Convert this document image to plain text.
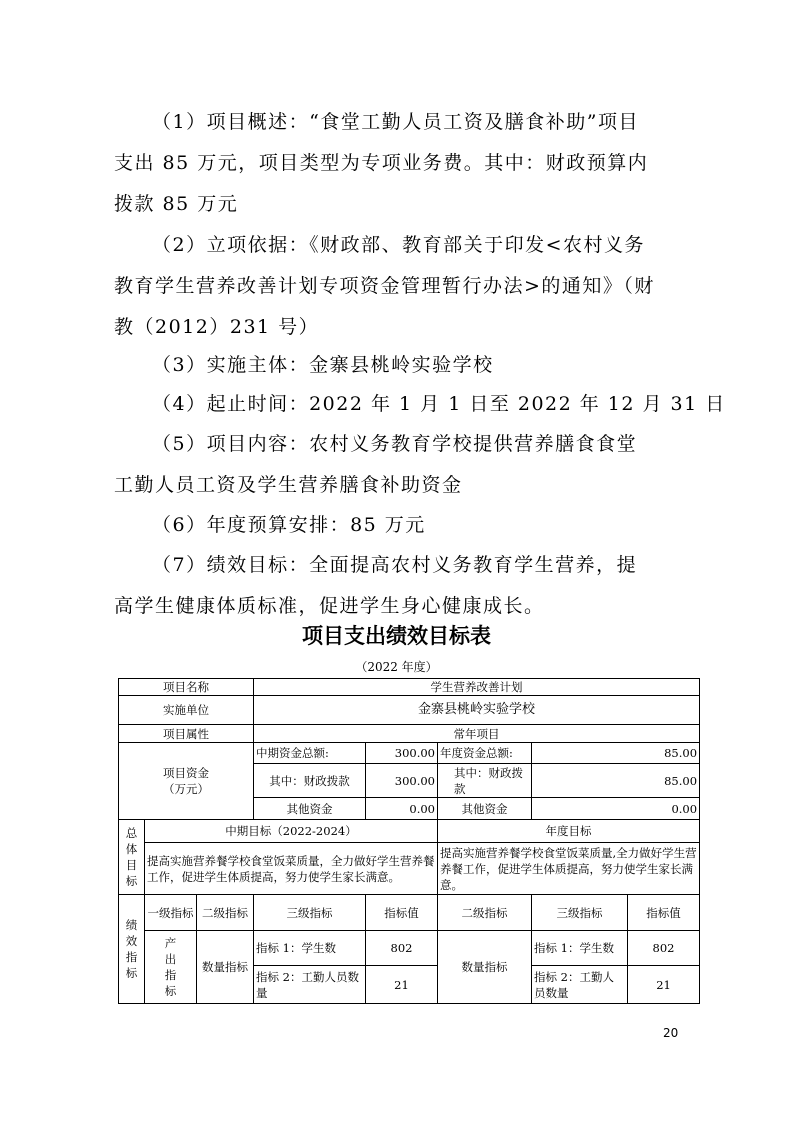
（1）项目概述：“食堂工勤人员工资及膳食补助”项目
支出 85 万元，项目类型为专项业务费。其中：财政预算内
拨款 85 万元
（2）立项依据：《财政部、教育部关于印发<农村义务
教育学生营养改善计划专项资金管理暂行办法>的通知》（财
教（2012）231 号）
（3）实施主体：金寨县桃岭实验学校
（4）起止时间：2022 年 1 月 1 日至 2022 年 12 月 31 日
（5）项目内容：农村义务教育学校提供营养膳食食堂
工勤人员工资及学生营养膳食补助资金
（6）年度预算安排：85 万元
（7）绩效目标：全面提高农村义务教育学生营养，提
高学生健康体质标准，促进学生身心健康成长。
项目支出绩效目标表
（2022 年度）
项目名称			学生营养改善计划				
实施单位			金寨县桃岭实验学校				
项目属性			常年项目				

项目资金
（万元）			中期资金总额:	300.00	年度资金总额:	85.00	
			其中：财政拨款	300.00	其中：财政拨款	85.00	
			其他资金	0.00	其他资金	0.00	
总体目标	中期目标（2022-2024）				年度目标		
	提高实施营养餐学校食堂饭菜质量，全力做好学生营养餐工作，促进学生体质提高，努力使学生家长满意。				提高实施营养餐学校食堂饭菜质量,全力做好学生营养餐工作，促进学生体质提高，努力使学生家长满意。		
绩效指标	一级指标	二级指标	三级指标	指标值	二级指标	三级指标	指标值
	产出指标	数量指标	指标 1：学生数	802	数量指标	指标 1：学生数	802
			指标 2：工勤人员数量	21		指标 2：工勤人员数量	21
20
